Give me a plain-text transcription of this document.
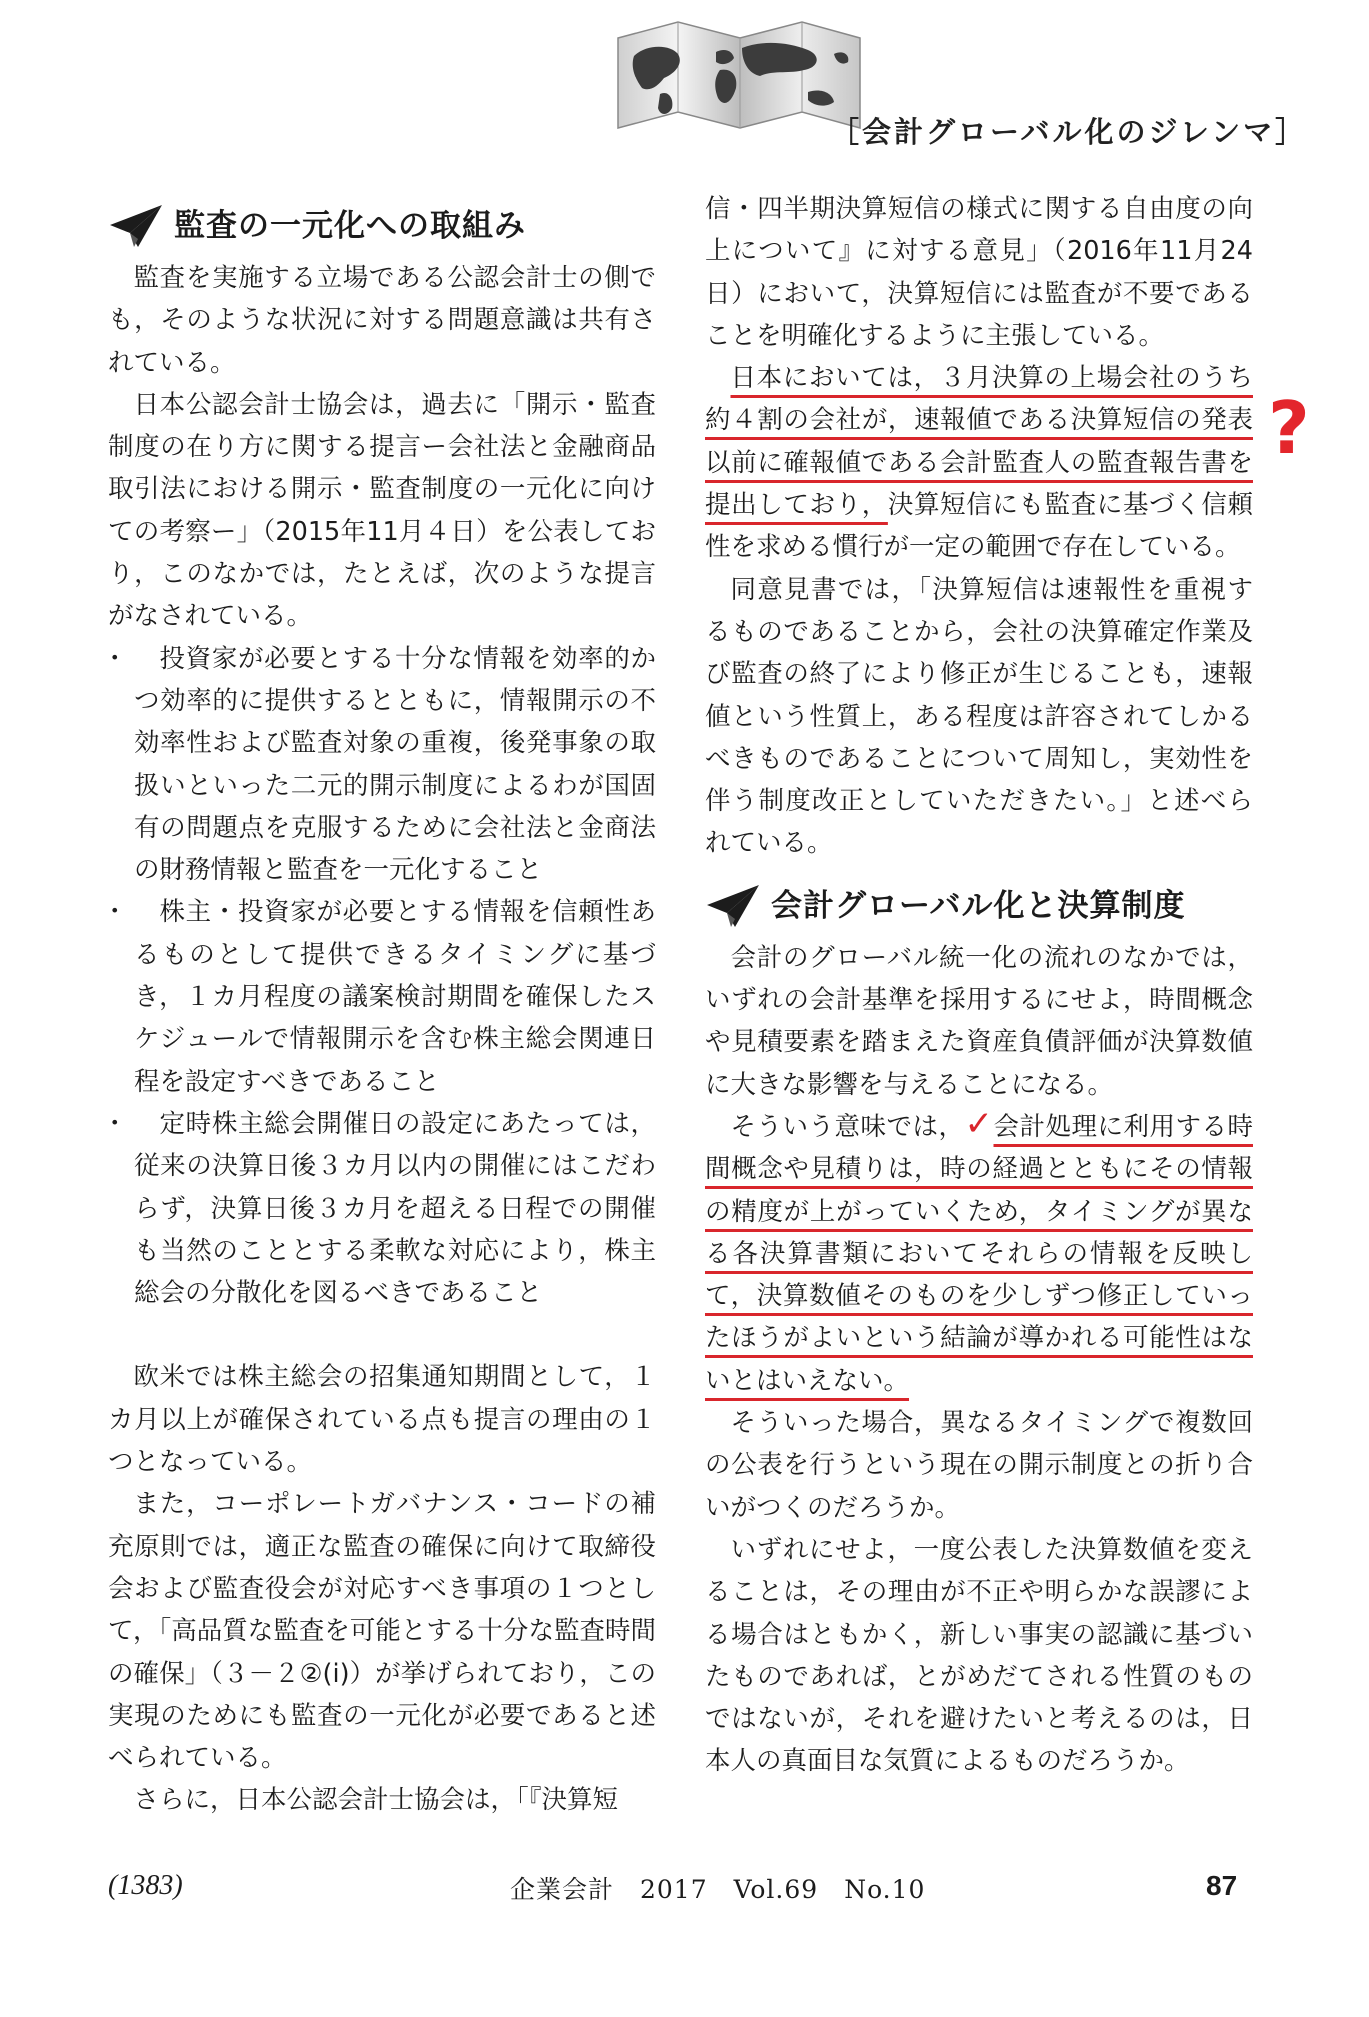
［会計グローバル化のジレンマ］
監査の一元化への取組み

監査を実施する立場である公認会計士の側でも，そのような状況に対する問題意識は共有されている。

日本公認会計士協会は，過去に「開示・監査制度の在り方に関する提言ー会社法と金融商品取引法における開示・監査制度の一元化に向けての考察ー」（2015年11月４日）を公表しており，このなかでは，たとえば，次のような提言がなされている。

・ 投資家が必要とする十分な情報を効率的かつ効率的に提供するとともに，情報開示の不効率性および監査対象の重複，後発事象の取扱いといった二元的開示制度によるわが国固有の問題点を克服するために会社法と金商法の財務情報と監査を一元化すること
・ 株主・投資家が必要とする情報を信頼性あるものとして提供できるタイミングに基づき，１カ月程度の議案検討期間を確保したスケジュールで情報開示を含む株主総会関連日程を設定すべきであること
・ 定時株主総会開催日の設定にあたっては，従来の決算日後３カ月以内の開催にはこだわらず，決算日後３カ月を超える日程での開催も当然のこととする柔軟な対応により，株主総会の分散化を図るべきであること

欧米では株主総会の招集通知期間として，１カ月以上が確保されている点も提言の理由の１つとなっている。

また，コーポレートガバナンス・コードの補充原則では，適正な監査の確保に向けて取締役会および監査役会が対応すべき事項の１つとして，「高品質な監査を可能とする十分な監査時間の確保」（３－２②(ⅰ)）が挙げられており，この実現のためにも監査の一元化が必要であると述べられている。

さらに，日本公認会計士協会は，「『決算短

信・四半期決算短信の様式に関する自由度の向上について』に対する意見」（2016年11月24日）において，決算短信には監査が不要であることを明確化するように主張している。

日本においては，３月決算の上場会社のうち約４割の会社が，速報値である決算短信の発表以前に確報値である会計監査人の監査報告書を提出しており，決算短信にも監査に基づく信頼性を求める慣行が一定の範囲で存在している。

同意見書では，「決算短信は速報性を重視するものであることから，会社の決算確定作業及び監査の終了により修正が生じることも，速報値という性質上，ある程度は許容されてしかるべきものであることについて周知し，実効性を伴う制度改正としていただきたい。」と述べられている。

会計グローバル化と決算制度

会計のグローバル統一化の流れのなかでは，いずれの会計基準を採用するにせよ，時間概念や見積要素を踏まえた資産負債評価が決算数値に大きな影響を与えることになる。

そういう意味では，✓会計処理に利用する時間概念や見積りは，時の経過とともにその情報の精度が上がっていくため，タイミングが異なる各決算書類においてそれらの情報を反映して，決算数値そのものを少しずつ修正していったほうがよいという結論が導かれる可能性はないとはいえない。

そういった場合，異なるタイミングで複数回の公表を行うという現在の開示制度との折り合いがつくのだろうか。

いずれにせよ，一度公表した決算数値を変えることは，その理由が不正や明らかな誤謬による場合はともかく，新しい事実の認識に基づいたものであれば，とがめだてされる性質のものではないが，それを避けたいと考えるのは，日本人の真面目な気質によるものだろうか。

?
(1383)	企業会計　2017　Vol.69　No.10	87
